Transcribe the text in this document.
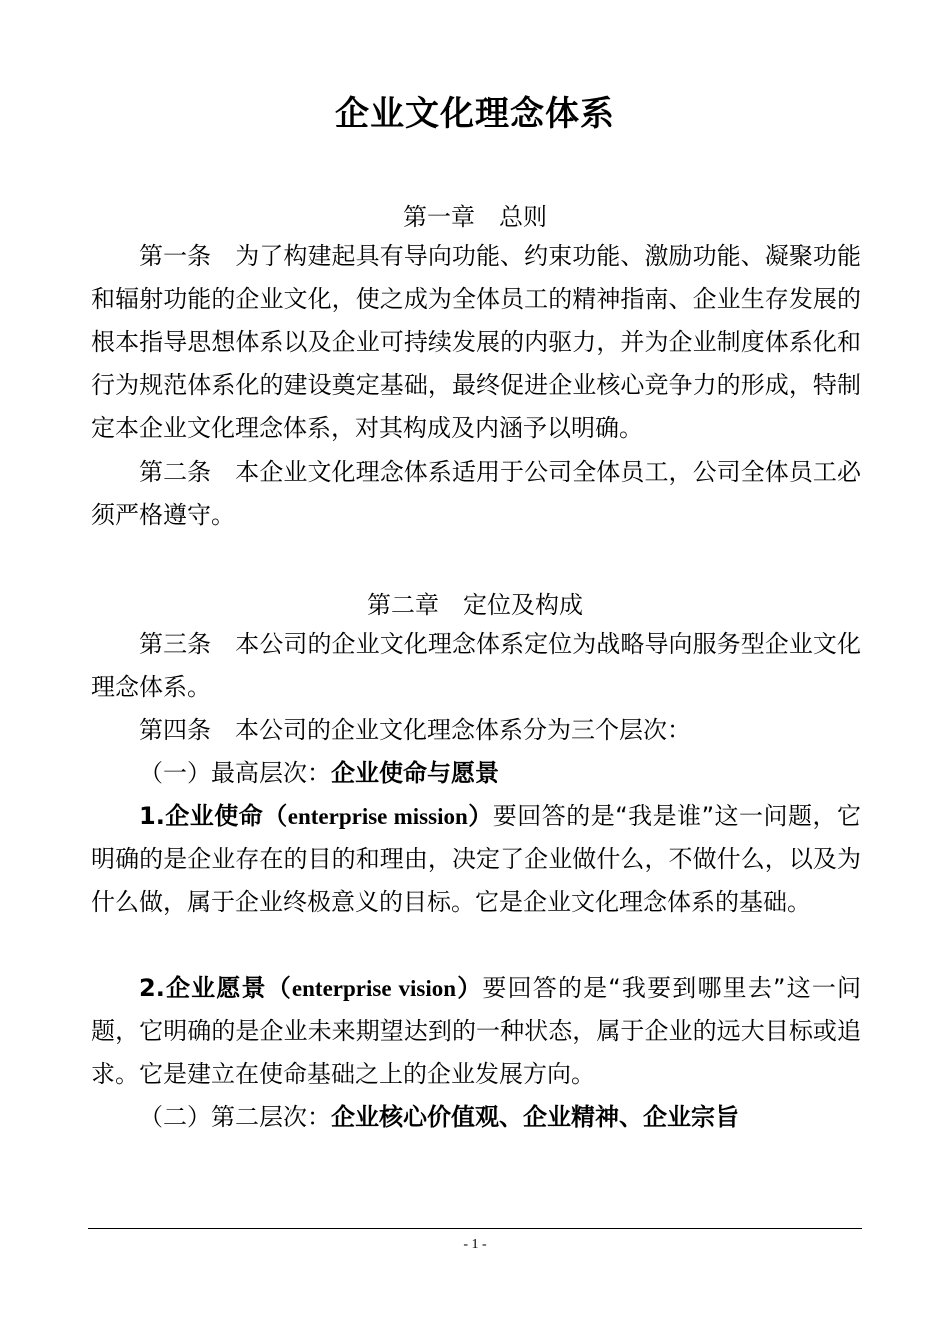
企业文化理念体系
第一章　总则

第一条　为了构建起具有导向功能、约束功能、激励功能、凝聚功能和辐射功能的企业文化，使之成为全体员工的精神指南、企业生存发展的根本指导思想体系以及企业可持续发展的内驱力，并为企业制度体系化和行为规范体系化的建设奠定基础，最终促进企业核心竞争力的形成，特制定本企业文化理念体系，对其构成及内涵予以明确。

第二条　本企业文化理念体系适用于公司全体员工，公司全体员工必须严格遵守。

第二章　定位及构成

第三条　本公司的企业文化理念体系定位为战略导向服务型企业文化理念体系。

第四条　本公司的企业文化理念体系分为三个层次：

（一）最高层次：企业使命与愿景

1.企业使命（enterprise mission）要回答的是“我是谁”这一问题，它明确的是企业存在的目的和理由，决定了企业做什么，不做什么，以及为什么做，属于企业终极意义的目标。它是企业文化理念体系的基础。

2.企业愿景（enterprise vision）要回答的是“我要到哪里去”这一问题，它明确的是企业未来期望达到的一种状态，属于企业的远大目标或追求。它是建立在使命基础之上的企业发展方向。

（二）第二层次：企业核心价值观、企业精神、企业宗旨

- 1 -
